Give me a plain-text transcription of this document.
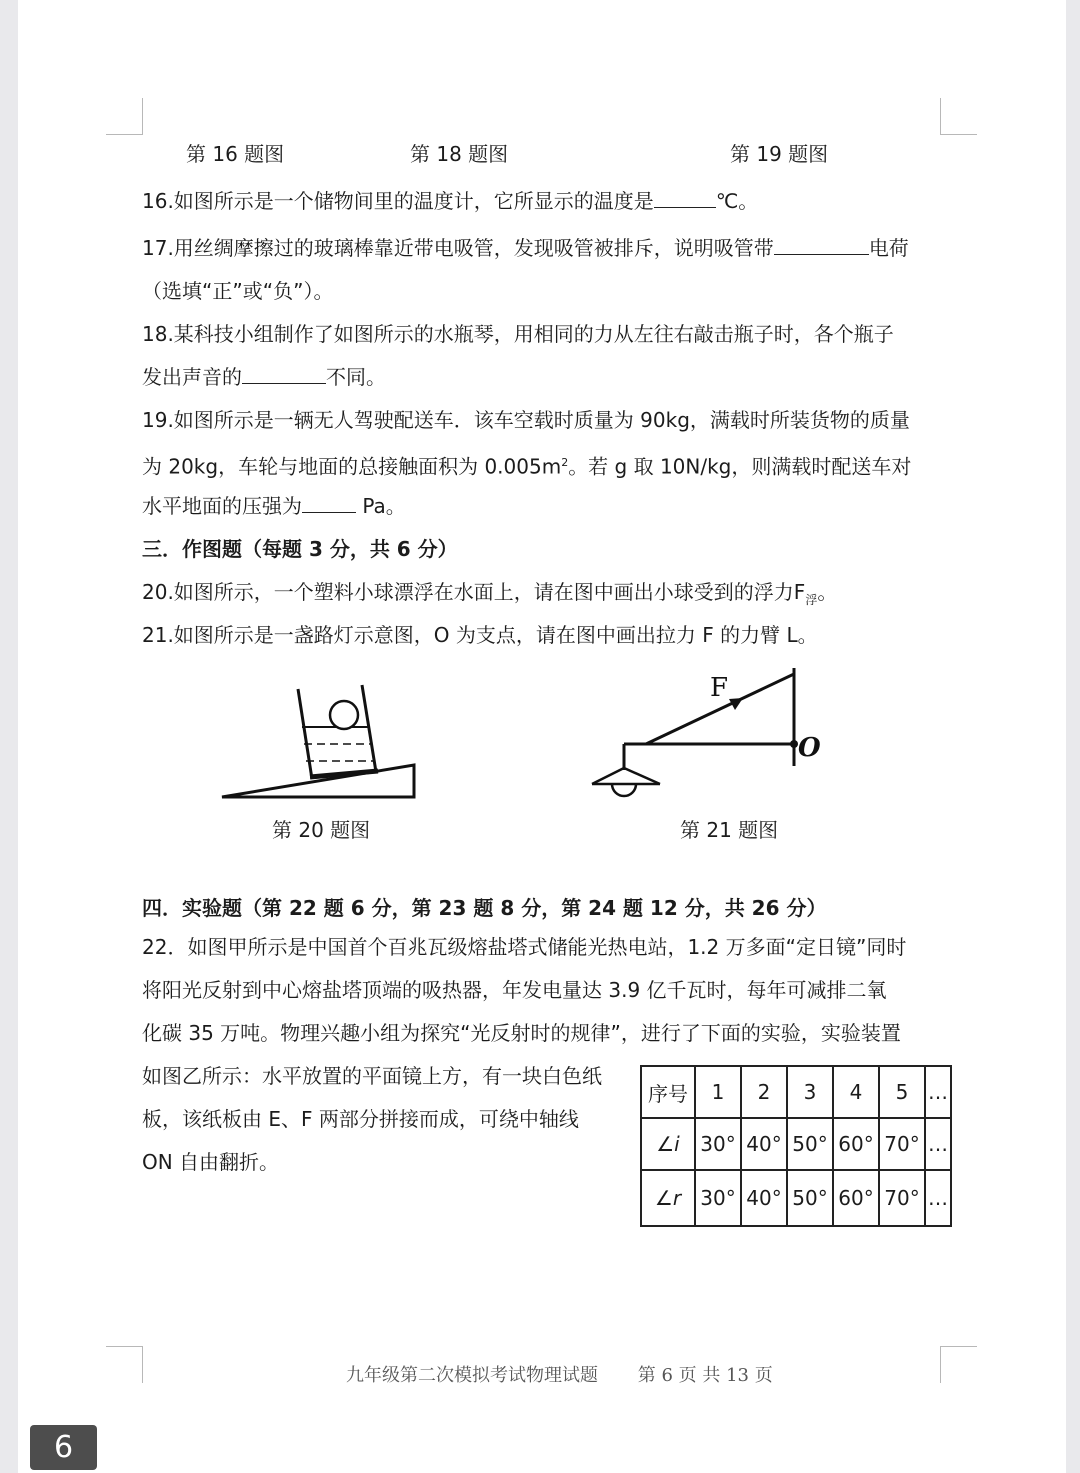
第 16 题图	第 18 题图	第 19 题图
16.如图所示是一个储物间里的温度计，它所显示的温度是	℃。
17.用丝绸摩擦过的玻璃棒靠近带电吸管，发现吸管被排斥，说明吸管带	电荷
（选填“正”或“负”）。
18.某科技小组制作了如图所示的水瓶琴，用相同的力从左往右敲击瓶子时，各个瓶子
发出声音的	不同。
19.如图所示是一辆无人驾驶配送车．该车空载时质量为 90kg，满载时所装货物的质量
为 20kg，车轮与地面的总接触面积为 $0.005m^2$。若 g 取 10N/kg，则满载时配送车对
水平地面的压强为	Pa。
三．作图题（每题 3 分，共 6 分）
20.如图所示，一个塑料小球漂浮在水面上，请在图中画出小球受到的浮力$F_浮$。
21.如图所示是一盏路灯示意图，O 为支点，请在图中画出拉力 F 的力臂 L。
F
O
第 20 题图	第 21 题图
四．实验题（第 22 题 6 分，第 23 题 8 分，第 24 题 12 分，共 26 分）
22．如图甲所示是中国首个百兆瓦级熔盐塔式储能光热电站，1.2 万多面“定日镜”同时
将阳光反射到中心熔盐塔顶端的吸热器，年发电量达 3.9 亿千瓦时，每年可减排二氧
化碳 35 万吨。物理兴趣小组为探究“光反射时的规律”，进行了下面的实验，实验装置
如图乙所示：水平放置的平面镜上方，有一块白色纸
板，该纸板由 E、F 两部分拼接而成，可绕中轴线
ON 自由翻折。
序号	1	2	3	4	5	…
∠i	30°	40°	50°	60°	70°	…
∠r	30°	40°	50°	60°	70°	…
九年级第二次模拟考试物理试题 第 6 页 共 13 页
6
